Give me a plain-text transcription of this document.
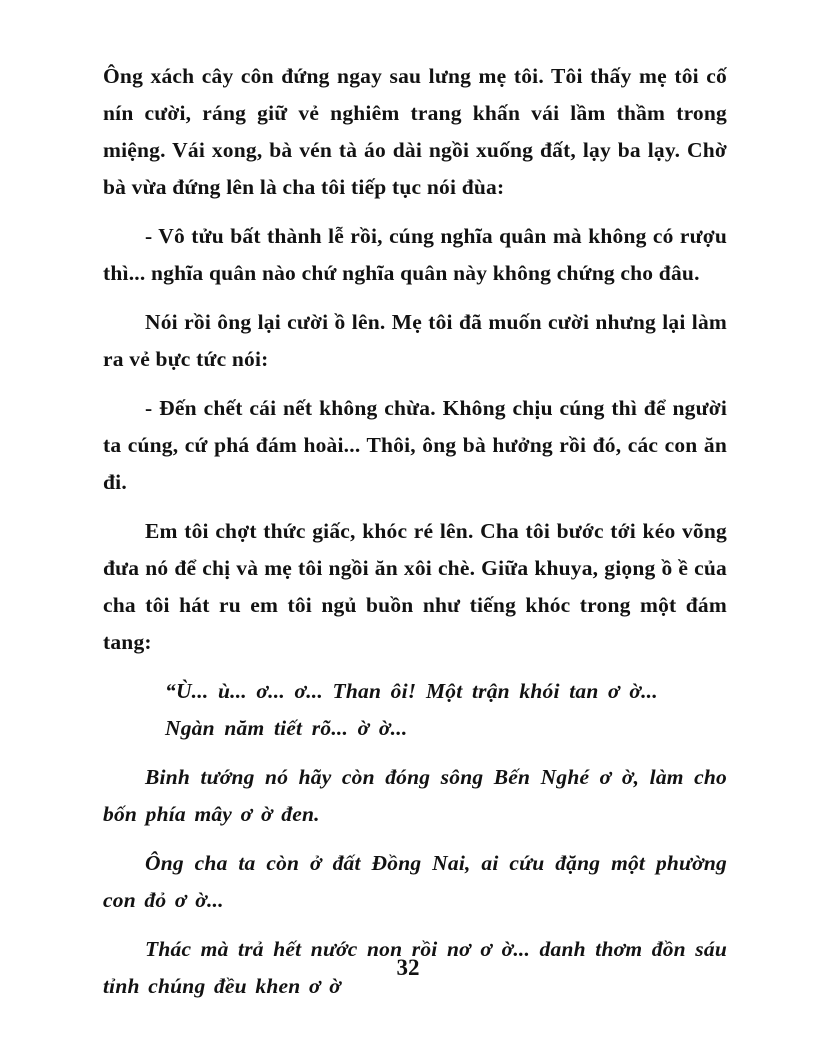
Ông xách cây côn đứng ngay sau lưng mẹ tôi. Tôi thấy mẹ tôi cố nín cười, ráng giữ vẻ nghiêm trang khấn vái lầm thầm trong miệng. Vái xong, bà vén tà áo dài ngồi xuống đất, lạy ba lạy. Chờ bà vừa đứng lên là cha tôi tiếp tục nói đùa:

- Vô tửu bất thành lễ rồi, cúng nghĩa quân mà không có rượu thì... nghĩa quân nào chứ nghĩa quân này không chứng cho đâu.

Nói rồi ông lại cười ồ lên. Mẹ tôi đã muốn cười nhưng lại làm ra vẻ bực tức nói:

- Đến chết cái nết không chừa. Không chịu cúng thì để người ta cúng, cứ phá đám hoài... Thôi, ông bà hưởng rồi đó, các con ăn đi.

Em tôi chợt thức giấc, khóc ré lên. Cha tôi bước tới kéo võng đưa nó để chị và mẹ tôi ngồi ăn xôi chè. Giữa khuya, giọng ồ ề của cha tôi hát ru em tôi ngủ buồn như tiếng khóc trong một đám tang:

“Ù... ù... ơ... ơ... Than ôi! Một trận khói tan ơ ờ...

Ngàn năm tiết rõ... ờ ờ...

Binh tướng nó hãy còn đóng sông Bến Nghé ơ ờ, làm cho bốn phía mây ơ ờ đen.

Ông cha ta còn ở đất Đồng Nai, ai cứu đặng một phường con đỏ ơ ờ...

Thác mà trả hết nước non rồi nơ ơ ờ... danh thơm đồn sáu tỉnh chúng đều khen ơ ờ

32
